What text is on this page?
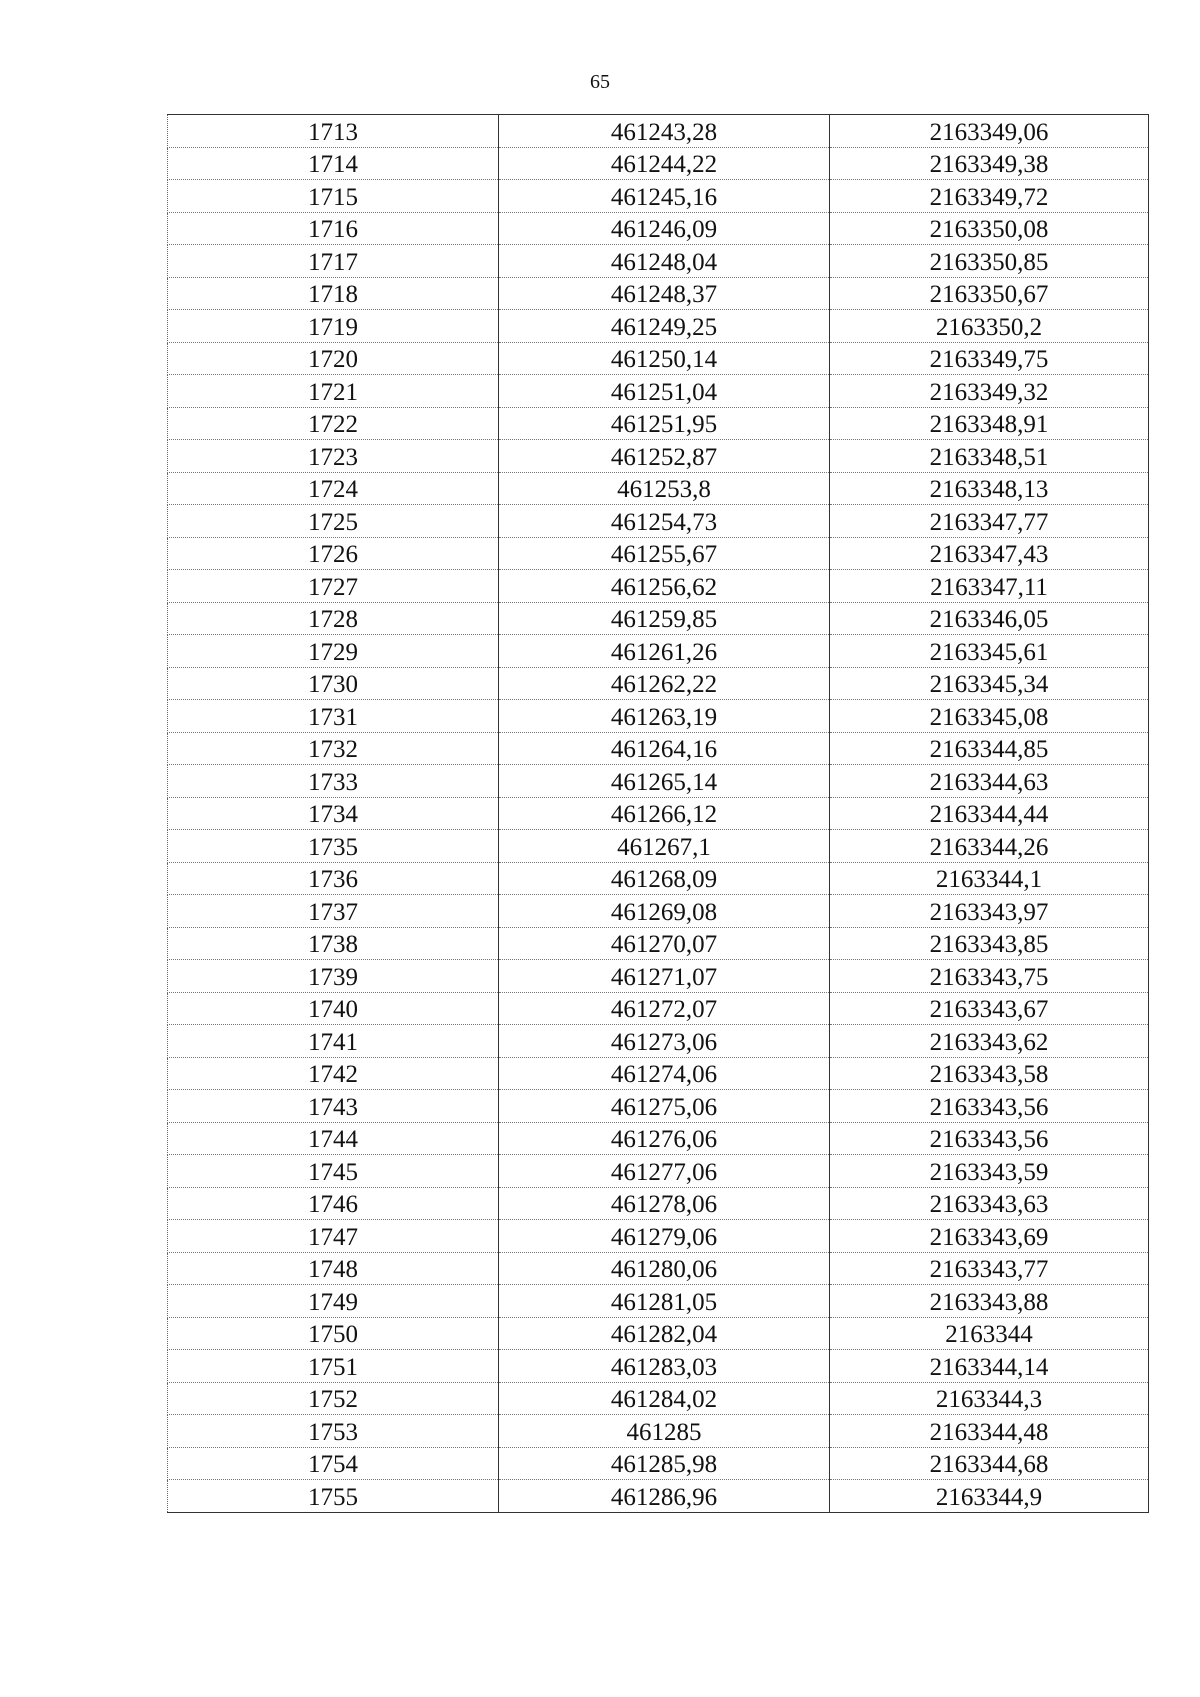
65
1713	461243,28	2163349,06
1714	461244,22	2163349,38
1715	461245,16	2163349,72
1716	461246,09	2163350,08
1717	461248,04	2163350,85
1718	461248,37	2163350,67
1719	461249,25	2163350,2
1720	461250,14	2163349,75
1721	461251,04	2163349,32
1722	461251,95	2163348,91
1723	461252,87	2163348,51
1724	461253,8	2163348,13
1725	461254,73	2163347,77
1726	461255,67	2163347,43
1727	461256,62	2163347,11
1728	461259,85	2163346,05
1729	461261,26	2163345,61
1730	461262,22	2163345,34
1731	461263,19	2163345,08
1732	461264,16	2163344,85
1733	461265,14	2163344,63
1734	461266,12	2163344,44
1735	461267,1	2163344,26
1736	461268,09	2163344,1
1737	461269,08	2163343,97
1738	461270,07	2163343,85
1739	461271,07	2163343,75
1740	461272,07	2163343,67
1741	461273,06	2163343,62
1742	461274,06	2163343,58
1743	461275,06	2163343,56
1744	461276,06	2163343,56
1745	461277,06	2163343,59
1746	461278,06	2163343,63
1747	461279,06	2163343,69
1748	461280,06	2163343,77
1749	461281,05	2163343,88
1750	461282,04	2163344
1751	461283,03	2163344,14
1752	461284,02	2163344,3
1753	461285	2163344,48
1754	461285,98	2163344,68
1755	461286,96	2163344,9
